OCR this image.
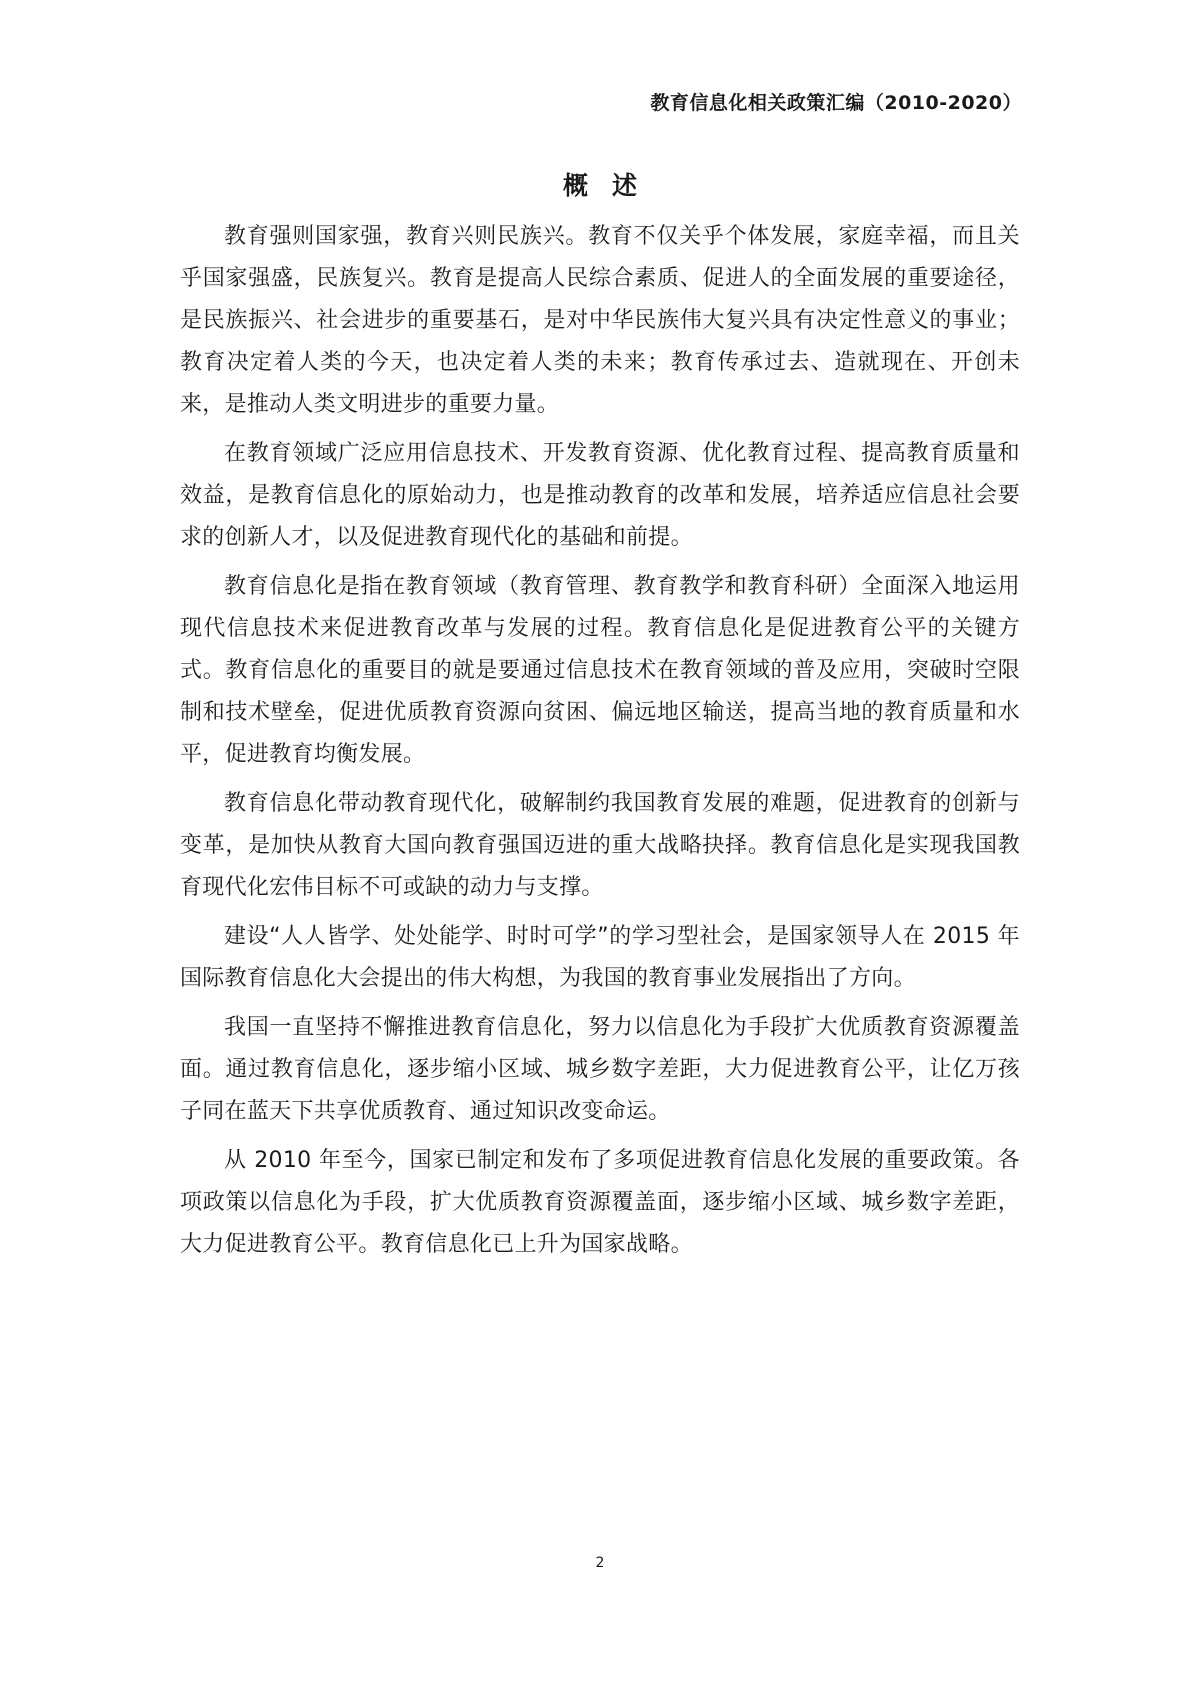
教育信息化相关政策汇编（2010-2020）
概述

教育强则国家强，教育兴则民族兴。教育不仅关乎个体发展，家庭幸福，而且关乎国家强盛，民族复兴。教育是提高人民综合素质、促进人的全面发展的重要途径，是民族振兴、社会进步的重要基石，是对中华民族伟大复兴具有决定性意义的事业；教育决定着人类的今天，也决定着人类的未来；教育传承过去、造就现在、开创未来，是推动人类文明进步的重要力量。

在教育领域广泛应用信息技术、开发教育资源、优化教育过程、提高教育质量和效益，是教育信息化的原始动力，也是推动教育的改革和发展，培养适应信息社会要求的创新人才，以及促进教育现代化的基础和前提。

教育信息化是指在教育领域（教育管理、教育教学和教育科研）全面深入地运用现代信息技术来促进教育改革与发展的过程。教育信息化是促进教育公平的关键方式。教育信息化的重要目的就是要通过信息技术在教育领域的普及应用，突破时空限制和技术壁垒，促进优质教育资源向贫困、偏远地区输送，提高当地的教育质量和水平，促进教育均衡发展。

教育信息化带动教育现代化，破解制约我国教育发展的难题，促进教育的创新与变革，是加快从教育大国向教育强国迈进的重大战略抉择。教育信息化是实现我国教育现代化宏伟目标不可或缺的动力与支撑。

建设“人人皆学、处处能学、时时可学”的学习型社会，是国家领导人在 2015 年国际教育信息化大会提出的伟大构想，为我国的教育事业发展指出了方向。

我国一直坚持不懈推进教育信息化，努力以信息化为手段扩大优质教育资源覆盖面。通过教育信息化，逐步缩小区域、城乡数字差距，大力促进教育公平，让亿万孩子同在蓝天下共享优质教育、通过知识改变命运。

从 2010 年至今，国家已制定和发布了多项促进教育信息化发展的重要政策。各项政策以信息化为手段，扩大优质教育资源覆盖面，逐步缩小区域、城乡数字差距，大力促进教育公平。教育信息化已上升为国家战略。

2
